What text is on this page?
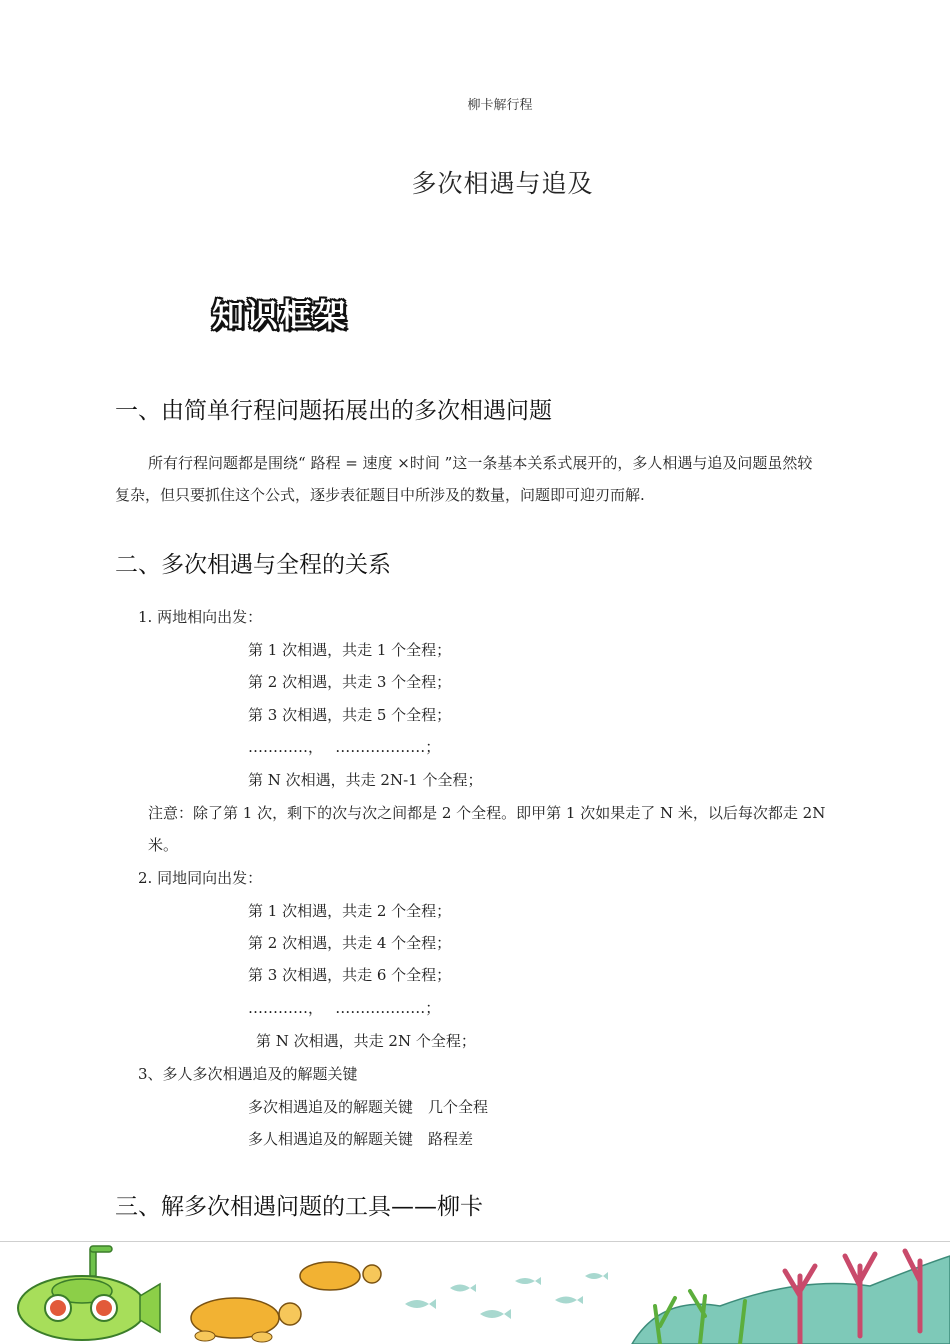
柳卡解行程
多次相遇与追及
知识框架
一、由简单行程问题拓展出的多次相遇问题
所有行程问题都是围绕“ 路程 = 速度 ×时间 ”这一条基本关系式展开的，多人相遇与追及问题虽然较
复杂，但只要抓住这个公式，逐步表征题目中所涉及的数量，问题即可迎刃而解.
二、多次相遇与全程的关系
1. 两地相向出发：
第 1 次相遇，共走 1 个全程；
第 2 次相遇，共走 3 个全程；
第 3 次相遇，共走 5 个全程；
…………，　 ………………；
第 N 次相遇，共走 2N-1 个全程；
注意：除了第 1 次，剩下的次与次之间都是 2 个全程。即甲第 1 次如果走了 N 米，以后每次都走 2N
米。
2. 同地同向出发：
第 1 次相遇，共走 2 个全程；
第 2 次相遇，共走 4 个全程；
第 3 次相遇，共走 6 个全程；
…………，　 ………………；
第 N 次相遇，共走 2N 个全程；
3、多人多次相遇追及的解题关键
多次相遇追及的解题关键　几个全程
多人相遇追及的解题关键　路程差
三、解多次相遇问题的工具——柳卡
